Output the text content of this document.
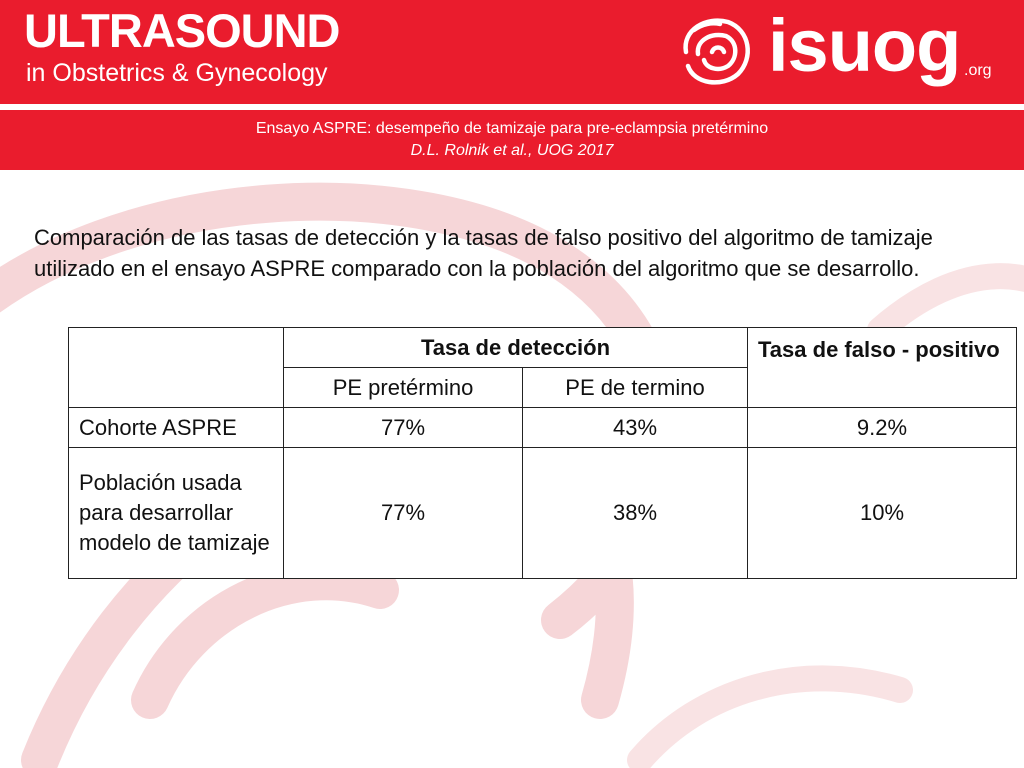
ULTRASOUND

in Obstetrics & Gynecology	isuog .org

Ensayo ASPRE: desempeño de tamizaje para pre-eclampsia pretérmino

D.L. Rolnik et al., UOG 2017

Comparación de las tasas de detección y la tasas de falso positivo del algoritmo de tamizaje utilizado en el ensayo ASPRE comparado con la población del algoritmo que se desarrollo.

	Tasa de detección		Tasa de falso - positivo
	PE pretérmino	PE de termino	
Cohorte ASPRE	77%	43%	9.2%
Población usada para desarrollar modelo de tamizaje	77%	38%	10%
